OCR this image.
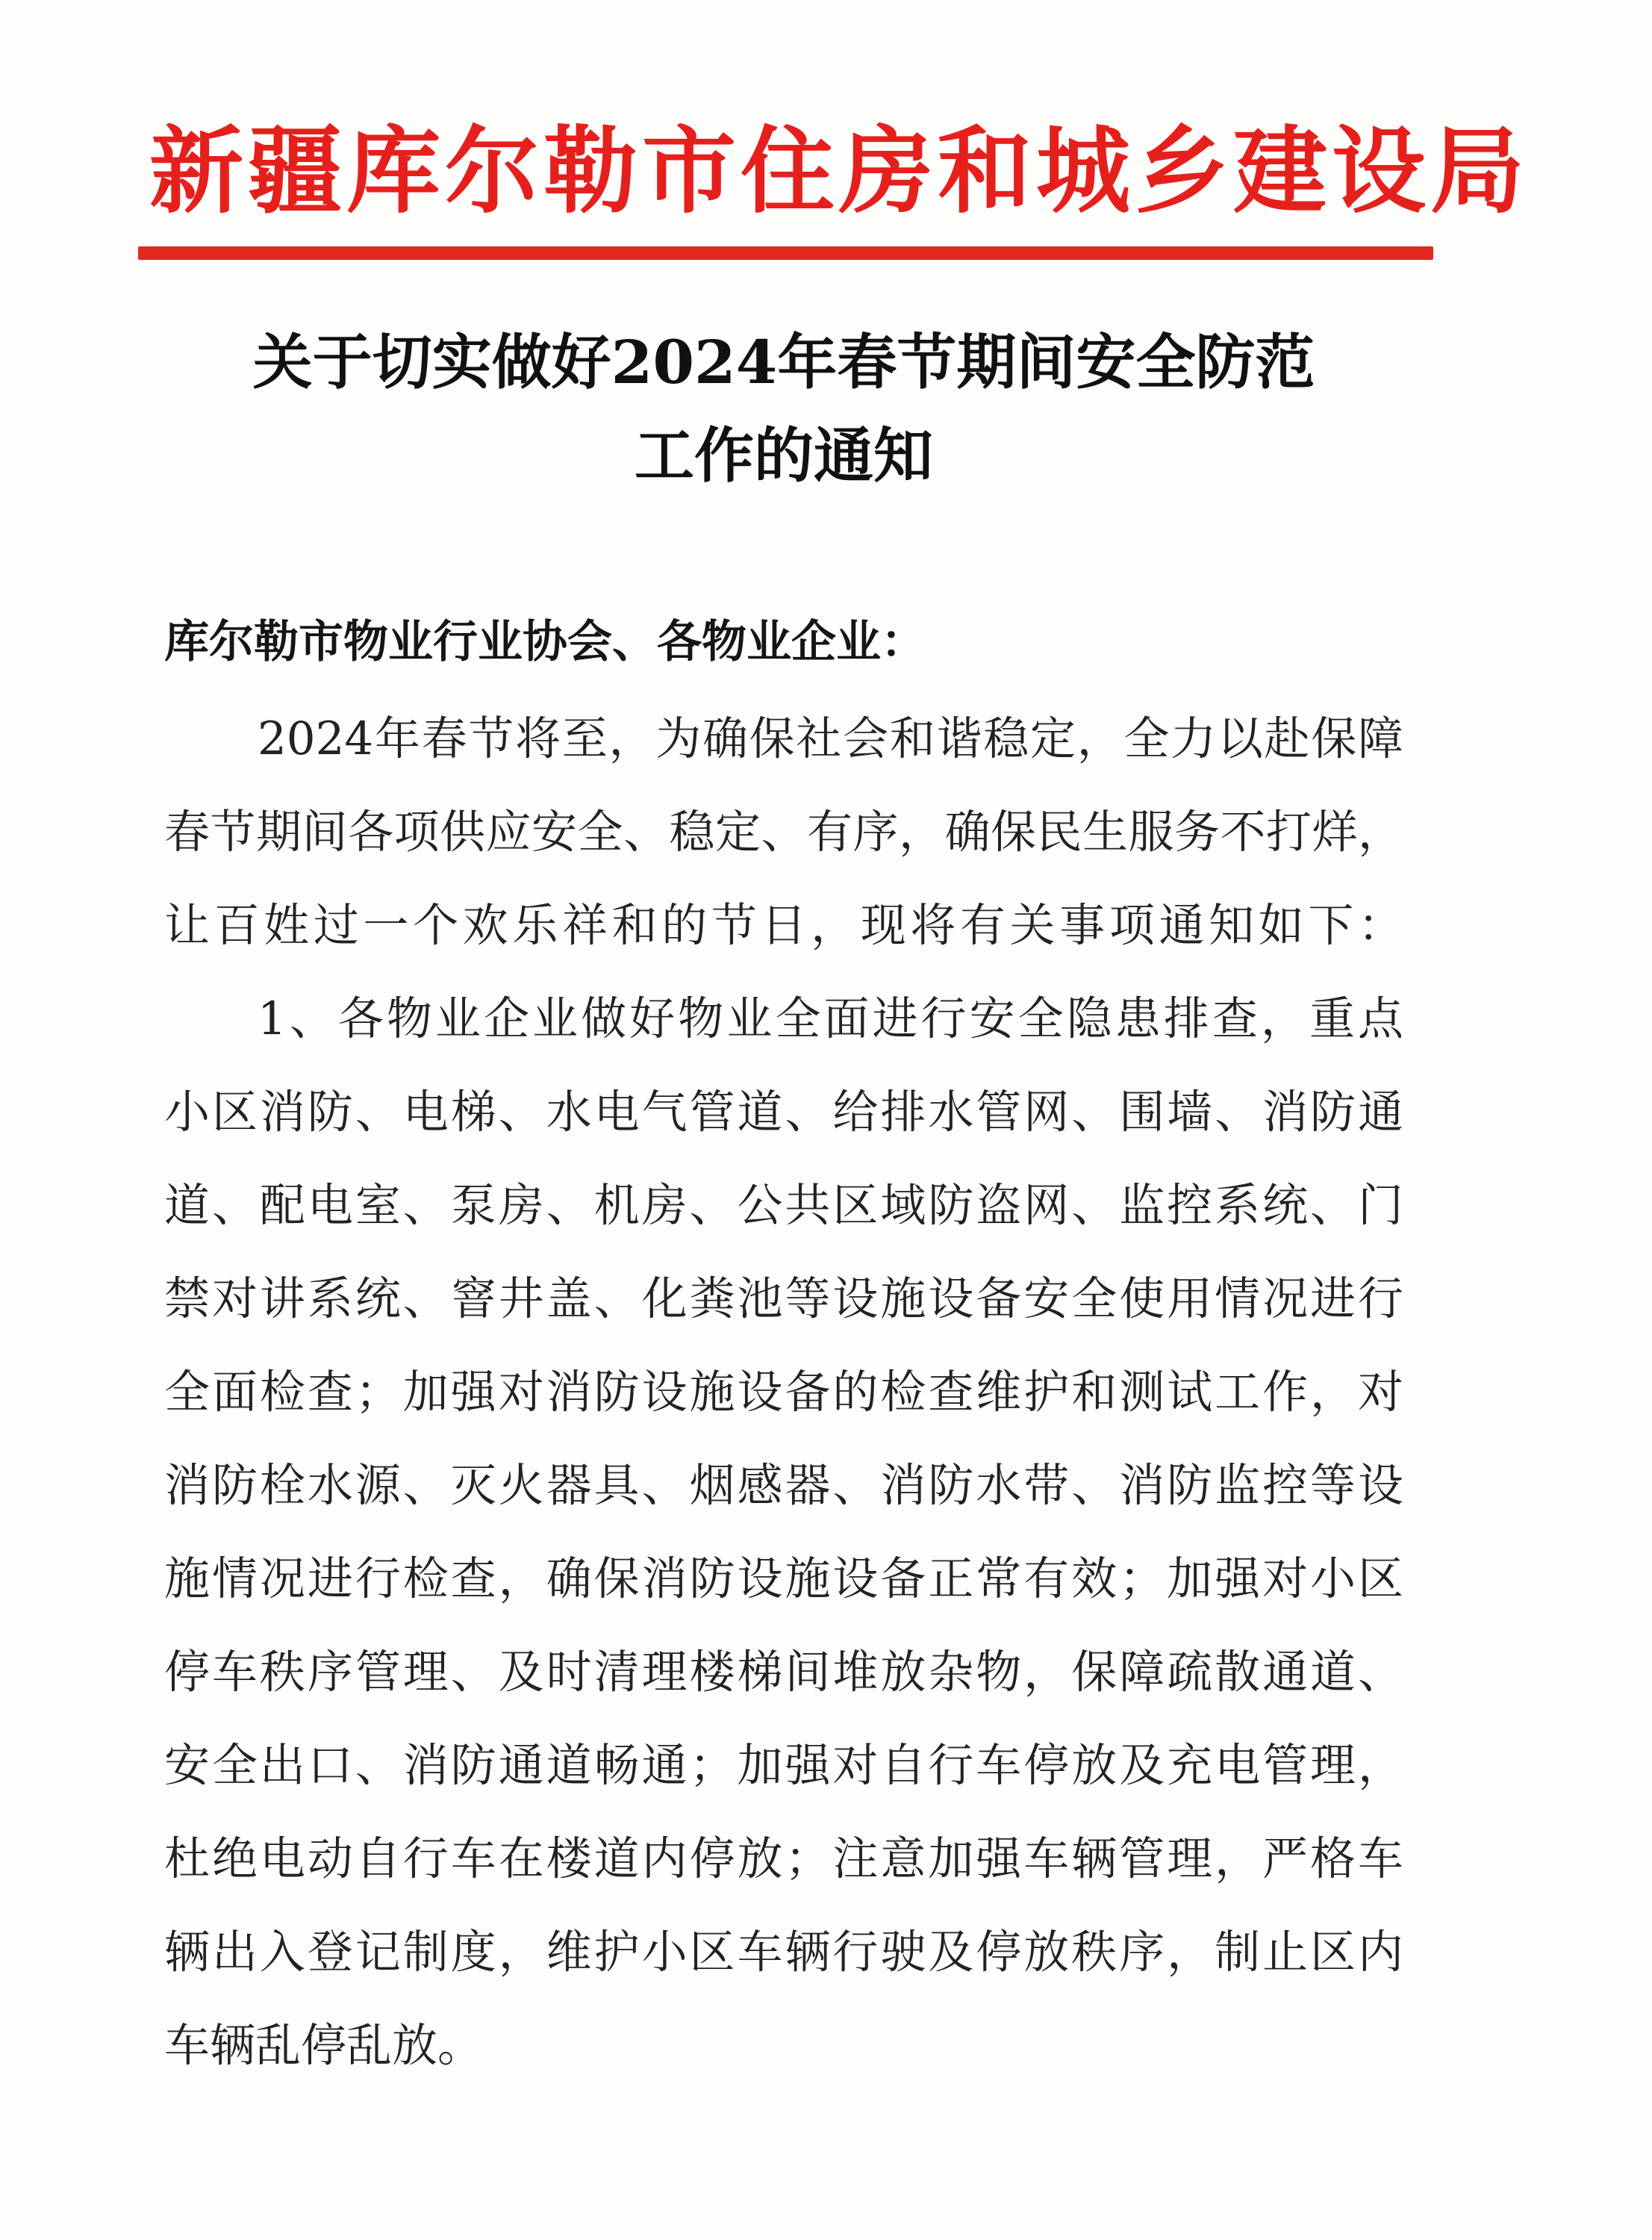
新疆库尔勒市住房和城乡建设局
关于切实做好2024年春节期间安全防范
工作的通知
库尔勒市物业行业协会、各物业企业：
2024年春节将至，为确保社会和谐稳定，全力以赴保障
春节期间各项供应安全、稳定、有序，确保民生服务不打烊，
让百姓过一个欢乐祥和的节日，现将有关事项通知如下：
1、各物业企业做好物业全面进行安全隐患排查，重点
小区消防、电梯、水电气管道、给排水管网、围墙、消防通
道、配电室、泵房、机房、公共区域防盗网、监控系统、门
禁对讲系统、窨井盖、化粪池等设施设备安全使用情况进行
全面检查；加强对消防设施设备的检查维护和测试工作，对
消防栓水源、灭火器具、烟感器、消防水带、消防监控等设
施情况进行检查，确保消防设施设备正常有效；加强对小区
停车秩序管理、及时清理楼梯间堆放杂物，保障疏散通道、
安全出口、消防通道畅通；加强对自行车停放及充电管理，
杜绝电动自行车在楼道内停放；注意加强车辆管理，严格车
辆出入登记制度，维护小区车辆行驶及停放秩序，制止区内
车辆乱停乱放。
